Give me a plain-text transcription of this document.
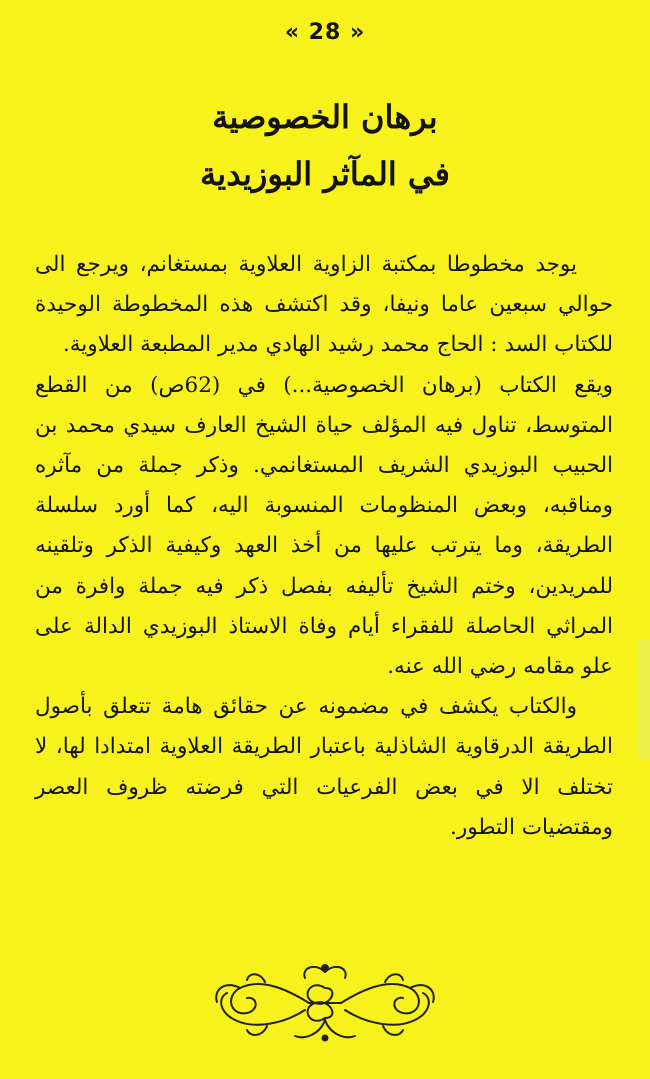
« 28 »
برهان الخصوصية
في المآثر البوزيدية

يوجد مخطوطا بمكتبة الزاوية العلاوية بمستغانم، ويرجع الى حوالي سبعين عاما ونيفا، وقد اكتشف هذه المخطوطة الوحيدة للكتاب السد : الحاج محمد رشيد الهادي مدير المطبعة العلاوية.

ويقع الكتاب (برهان الخصوصية...) في (62ص) من القطع المتوسط، تناول فيه المؤلف حياة الشيخ العارف سيدي محمد بن الحبيب البوزيدي الشريف المستغانمي. وذكر جملة من مآثره ومناقبه، وبعض المنظومات المنسوبة اليه، كما أورد سلسلة الطريقة، وما يترتب عليها من أخذ العهد وكيفية الذكر وتلقينه للمريدين، وختم الشيخ تأليفه بفصل ذكر فيه جملة وافرة من المراثي الحاصلة للفقراء أيام وفاة الاستاذ البوزيدي الدالة على علو مقامه رضي الله عنه.

والكتاب يكشف في مضمونه عن حقائق هامة تتعلق بأصول الطريقة الدرقاوية الشاذلية باعتبار الطريقة العلاوية امتدادا لها، لا تختلف الا في بعض الفرعيات التي فرضته ظروف العصر ومقتضيات التطور.
